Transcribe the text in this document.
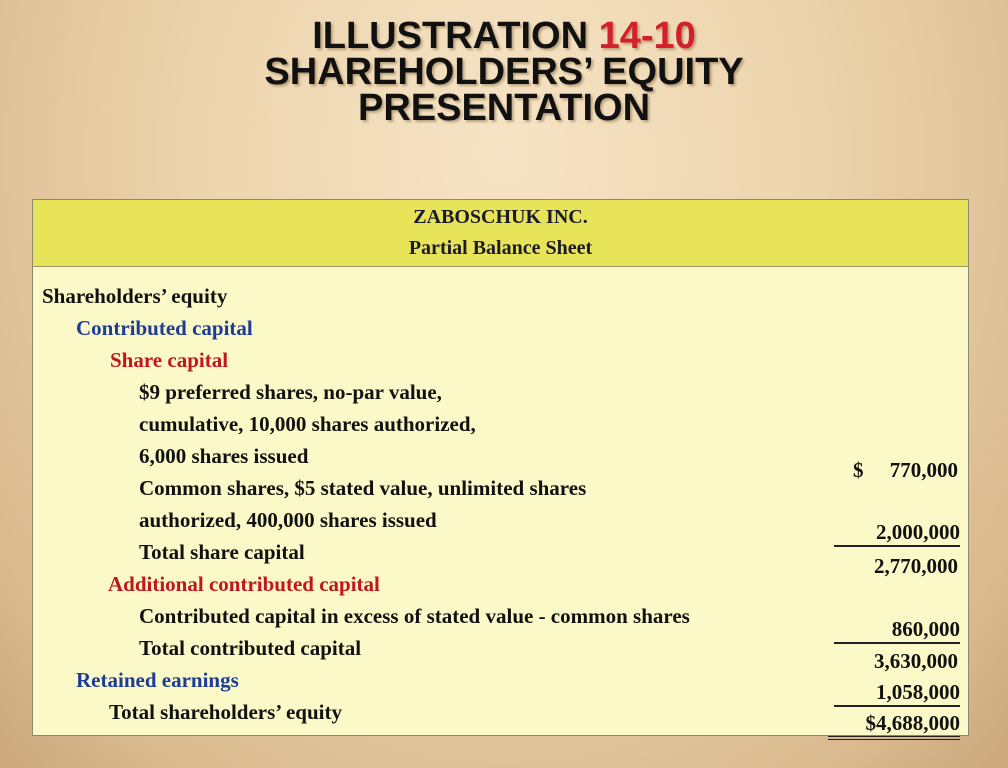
ILLUSTRATION 14-10
SHAREHOLDERS’ EQUITY
PRESENTATION
ZABOSCHUK INC.
Partial Balance Sheet
Shareholders’ equity
Contributed capital
Share capital
$9 preferred shares, no-par value,
cumulative, 10,000 shares authorized,
6,000 shares issued
Common shares, $5 stated value, unlimited shares
authorized, 400,000 shares issued
Total share capital
Additional contributed capital
Contributed capital in excess of stated value - common shares
Total contributed capital
Retained earnings
Total shareholders’ equity
$     770,000
2,000,000
2,770,000
860,000
3,630,000
1,058,000
$4,688,000
